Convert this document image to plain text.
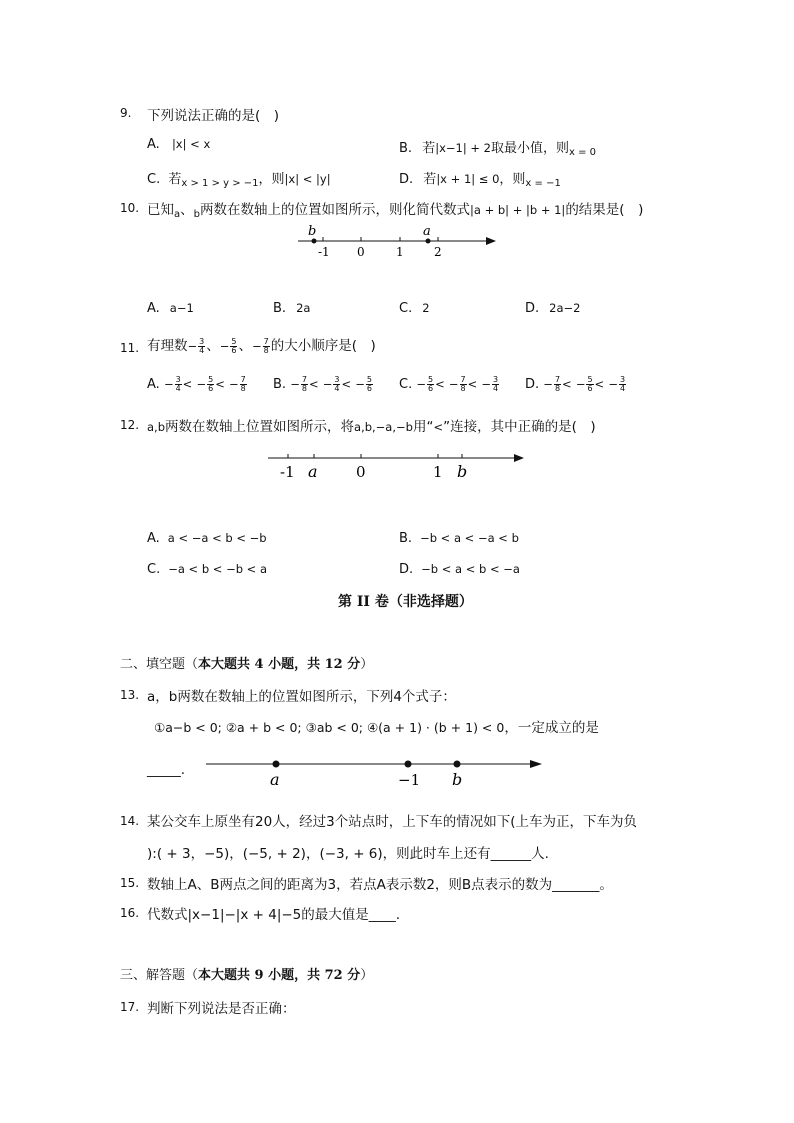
9. 下列说法正确的是(　)
A. |x| < x	B. 若|x−1| + 2取最小值，则$_{x = 0}$
C. 若$_{x > 1 > y > -1}$，则|x| < |y|	D. 若|x + 1| ≤ 0，则$_{x = -1}$
10. 已知$_a$、$_b$两数在数轴上的位置如图所示，则化简代数式|a + b| + |b + 1|的结果是(　)
b	a
-1 0	1	2
A. a−1	B. 2a	C. 2	D. 2a−2
11. 有理数− $\frac{3}{4}$ 、− $\frac{5}{6}$ 、− $\frac{7}{8}$ 的大小顺序是(　)
A. − $\frac{3}{4}$ < − $\frac{5}{6}$ < − $\frac{7}{8} B$. − $\frac{7}{8}$ < − $\frac{3}{4}$ < − $\frac{5}{6} C$. − $\frac{5}{6}$ < − $\frac{7}{8}$ < − $\frac{3}{4} D$. − $\frac{7}{8}$ < − $\frac{5}{6}$ < − $\frac{3}{4}$
12. a,b两数在数轴上位置如图所示，将a,b,−a,−b用“<”连接，其中正确的是(　)
-1 a	0	1 b
A. a < −a < b < −b	B. −b < a < −a < b
C. −a < b < −b < a	D. −b < a < b < −a
第 II 卷（非选择题）
二、填空题（本大题共 4 小题，共 12 分）
13. a，b两数在数轴上的位置如图所示，下列4个式子：
①a−b < 0; ②a + b < 0; ③ab < 0; ④(a + 1) · (b + 1) < 0，一定成立的是
_____.	a	−1 b
14. 某公交车上原坐有20人，经过3个站点时，上下车的情况如下(上车为正，下车为负
):( + 3，−5)，(−5, + 2)，(−3, + 6)，则此时车上还有______人.
15. 数轴上A、B两点之间的距离为3，若点A表示数2，则B点表示的数为_______。
16. 代数式|x−1|−|x + 4|−5的最大值是____.
三、解答题（本大题共 9 小题，共 72 分）
17. 判断下列说法是否正确：
